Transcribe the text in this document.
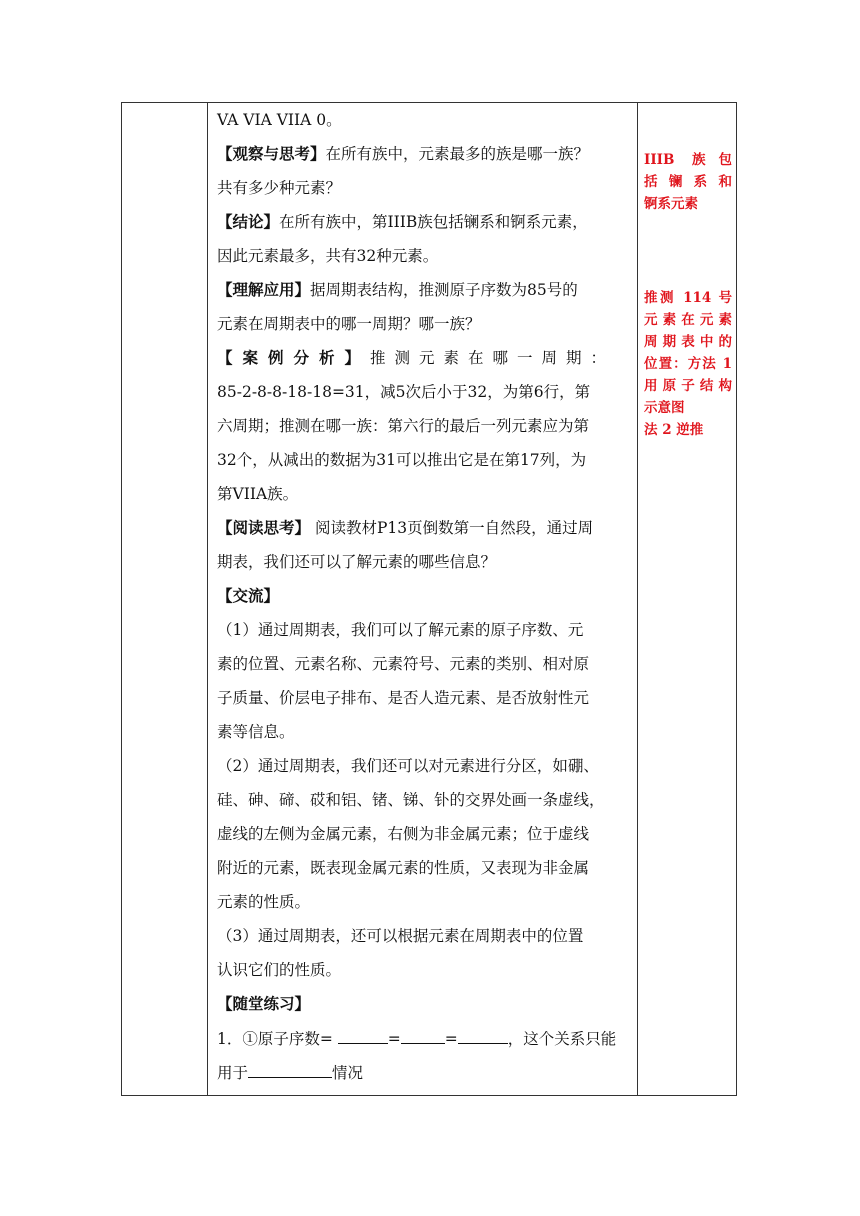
VA VIA VIIA 0。
【观察与思考】在所有族中，元素最多的族是哪一族？
共有多少种元素？
【结论】在所有族中，第IIIB族包括镧系和锕系元素，
因此元素最多，共有32种元素。
【理解应用】据周期表结构，推测原子序数为85号的
元素在周期表中的哪一周期？哪一族？
【案例分析】 推测元素在哪一周期：
85-2-8-8-18-18=31，减5次后小于32，为第6行，第
六周期；推测在哪一族：第六行的最后一列元素应为第
32个，从减出的数据为31可以推出它是在第17列，为
第VIIA族。
【阅读思考】 阅读教材P13页倒数第一自然段，通过周
期表，我们还可以了解元素的哪些信息？
【交流】
（1）通过周期表，我们可以了解元素的原子序数、元
素的位置、元素名称、元素符号、元素的类别、相对原
子质量、价层电子排布、是否人造元素、是否放射性元
素等信息。
（2）通过周期表，我们还可以对元素进行分区，如硼、
硅、砷、碲、砹和铝、锗、锑、钋的交界处画一条虚线，
虚线的左侧为金属元素，右侧为非金属元素；位于虚线
附近的元素，既表现金属元素的性质，又表现为非金属
元素的性质。
（3）通过周期表，还可以根据元素在周期表中的位置
认识它们的性质。
【随堂练习】
1．①原子序数=	=	=	，这个关系只能
用于	情况
IIIB 族包
括镧系和
锕系元素
推测 114 号
元素在元素
周期表中的
位置：方法 1
用原子结构
示意图
法 2 逆推
